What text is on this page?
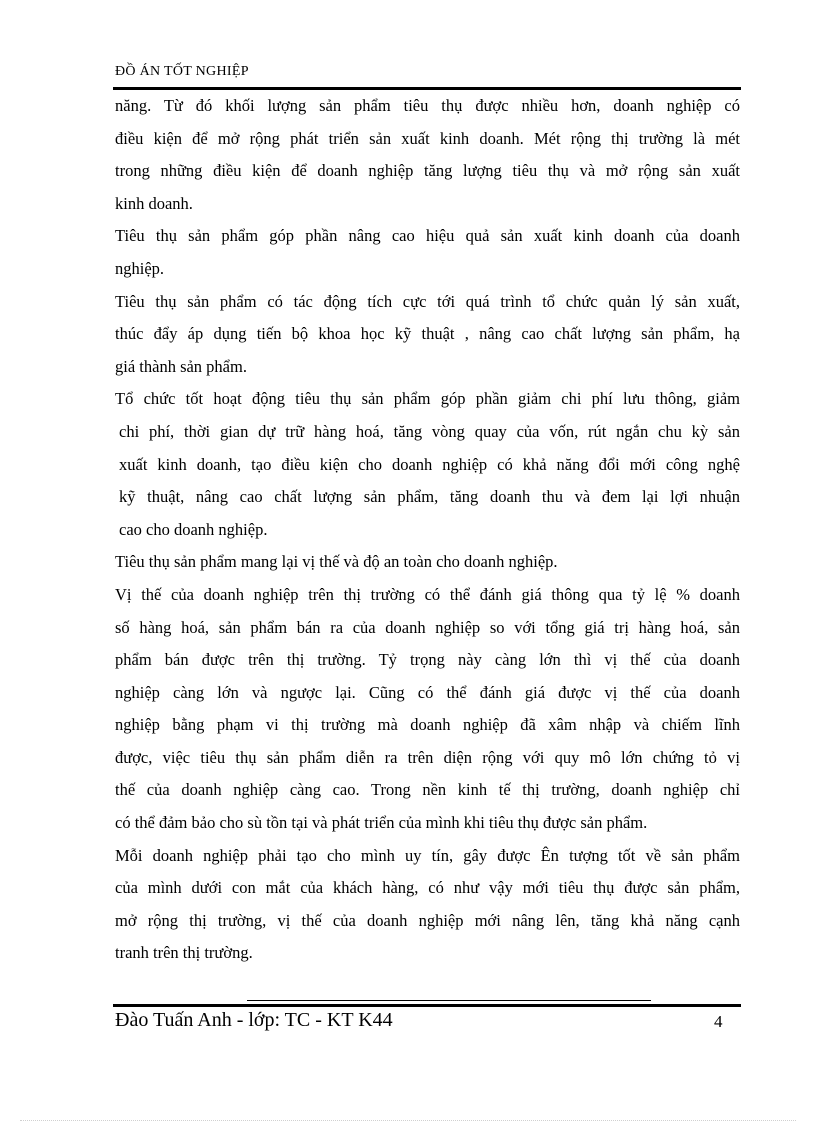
ĐỒ ÁN TỐT NGHIỆP

năng. Từ đó khối lượng sản phẩm tiêu thụ được nhiều hơn, doanh nghiệp có
điều kiện để mở rộng phát triển sản xuất kinh doanh. Mét rộng thị trường là mét
trong những điều kiện để doanh nghiệp tăng lượng tiêu thụ và mở rộng sản xuất
kinh doanh.

Tiêu thụ sản phẩm góp phần nâng cao hiệu quả sản xuất kinh doanh của doanh
nghiệp.

Tiêu thụ sản phẩm có tác động tích cực tới quá trình tổ chức quản lý sản xuất,
thúc đẩy áp dụng tiến bộ khoa học kỹ thuật , nâng cao chất lượng sản phẩm, hạ
giá thành sản phẩm.

Tổ chức tốt hoạt động tiêu thụ sản phẩm góp phần giảm chi phí lưu thông, giảm
chi phí, thời gian dự trữ hàng hoá, tăng vòng quay của vốn, rút ngắn chu kỳ sản
xuất kinh doanh, tạo điều kiện cho doanh nghiệp có khả năng đổi mới công nghệ
kỹ thuật, nâng cao chất lượng sản phẩm, tăng doanh thu và đem lại lợi nhuận
cao cho doanh nghiệp.

Tiêu thụ sản phẩm mang lại vị thế và độ an toàn cho doanh nghiệp.

Vị thế của doanh nghiệp trên thị trường có thể đánh giá thông qua tỷ lệ % doanh
số hàng hoá, sản phẩm bán ra của doanh nghiệp so với tổng giá trị hàng hoá, sản
phẩm bán được trên thị trường. Tỷ trọng này càng lớn thì vị thế của doanh
nghiệp càng lớn và ngược lại. Cũng có thể đánh giá được vị thế của doanh
nghiệp bằng phạm vi thị trường mà doanh nghiệp đã xâm nhập và chiếm lĩnh
được, việc tiêu thụ sản phẩm diễn ra trên diện rộng với quy mô lớn chứng tỏ vị
thế của doanh nghiệp càng cao. Trong nền kinh tế thị trường, doanh nghiệp chỉ
có thể đảm bảo cho sù tồn tại và phát triển của mình khi tiêu thụ được sản phẩm.

Mỗi doanh nghiệp phải tạo cho mình uy tín, gây được Ên tượng tốt về sản phẩm
của mình dưới con mắt của khách hàng, có như vậy mới tiêu thụ được sản phẩm,
mở rộng thị trường, vị thế của doanh nghiệp mới nâng lên, tăng khả năng cạnh
tranh trên thị trường.

Đào Tuấn Anh - lớp: TC - KT K44	4
